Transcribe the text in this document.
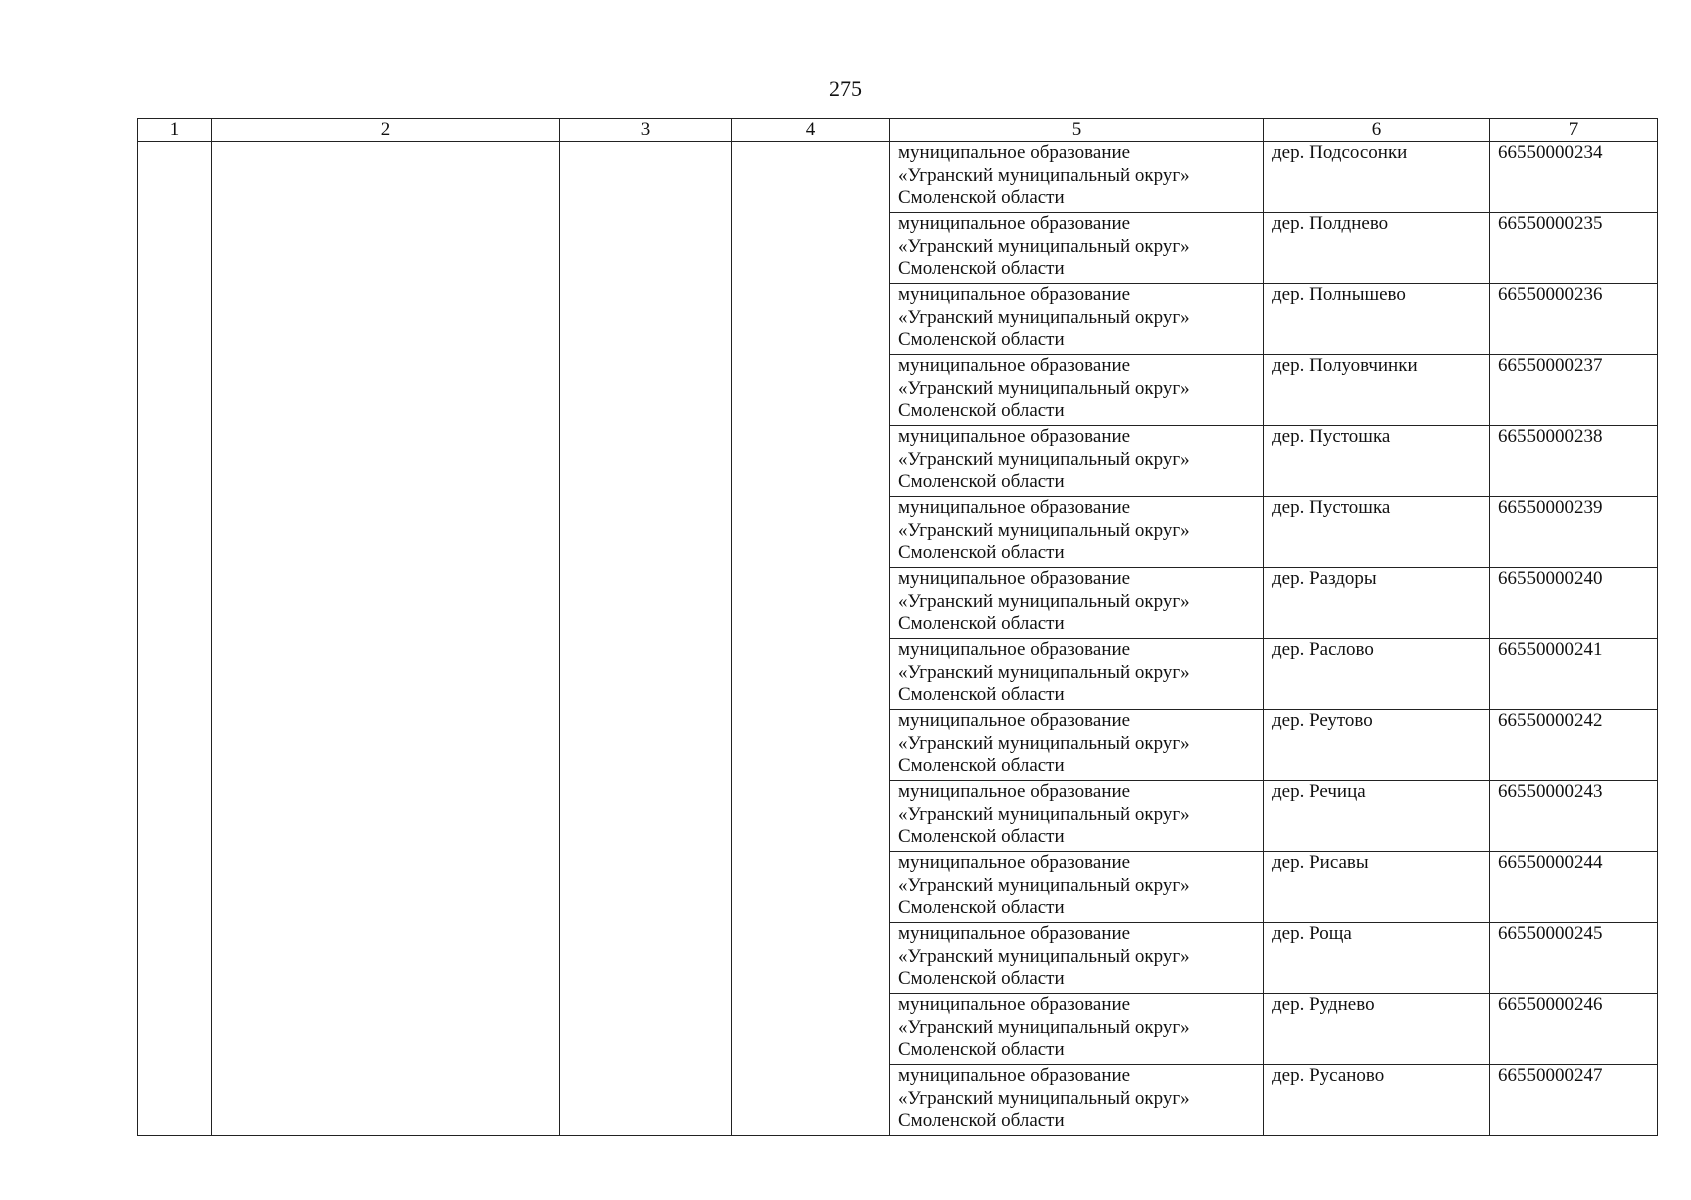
275
1	2	3	4	5	6	7

				муниципальное образование
«Угранский муниципальный округ»
Смоленской области	дер. Подсосонки	66550000234

				муниципальное образование
«Угранский муниципальный округ»
Смоленской области	дер. Полднево	66550000235

				муниципальное образование
«Угранский муниципальный округ»
Смоленской области	дер. Полнышево	66550000236

				муниципальное образование
«Угранский муниципальный округ»
Смоленской области	дер. Полуовчинки	66550000237

				муниципальное образование
«Угранский муниципальный округ»
Смоленской области	дер. Пустошка	66550000238

				муниципальное образование
«Угранский муниципальный округ»
Смоленской области	дер. Пустошка	66550000239

				муниципальное образование
«Угранский муниципальный округ»
Смоленской области	дер. Раздоры	66550000240

				муниципальное образование
«Угранский муниципальный округ»
Смоленской области	дер. Раслово	66550000241

				муниципальное образование
«Угранский муниципальный округ»
Смоленской области	дер. Реутово	66550000242

				муниципальное образование
«Угранский муниципальный округ»
Смоленской области	дер. Речица	66550000243

				муниципальное образование
«Угранский муниципальный округ»
Смоленской области	дер. Рисавы	66550000244

				муниципальное образование
«Угранский муниципальный округ»
Смоленской области	дер. Роща	66550000245

				муниципальное образование
«Угранский муниципальный округ»
Смоленской области	дер. Руднево	66550000246

				муниципальное образование
«Угранский муниципальный округ»
Смоленской области	дер. Русаново	66550000247
